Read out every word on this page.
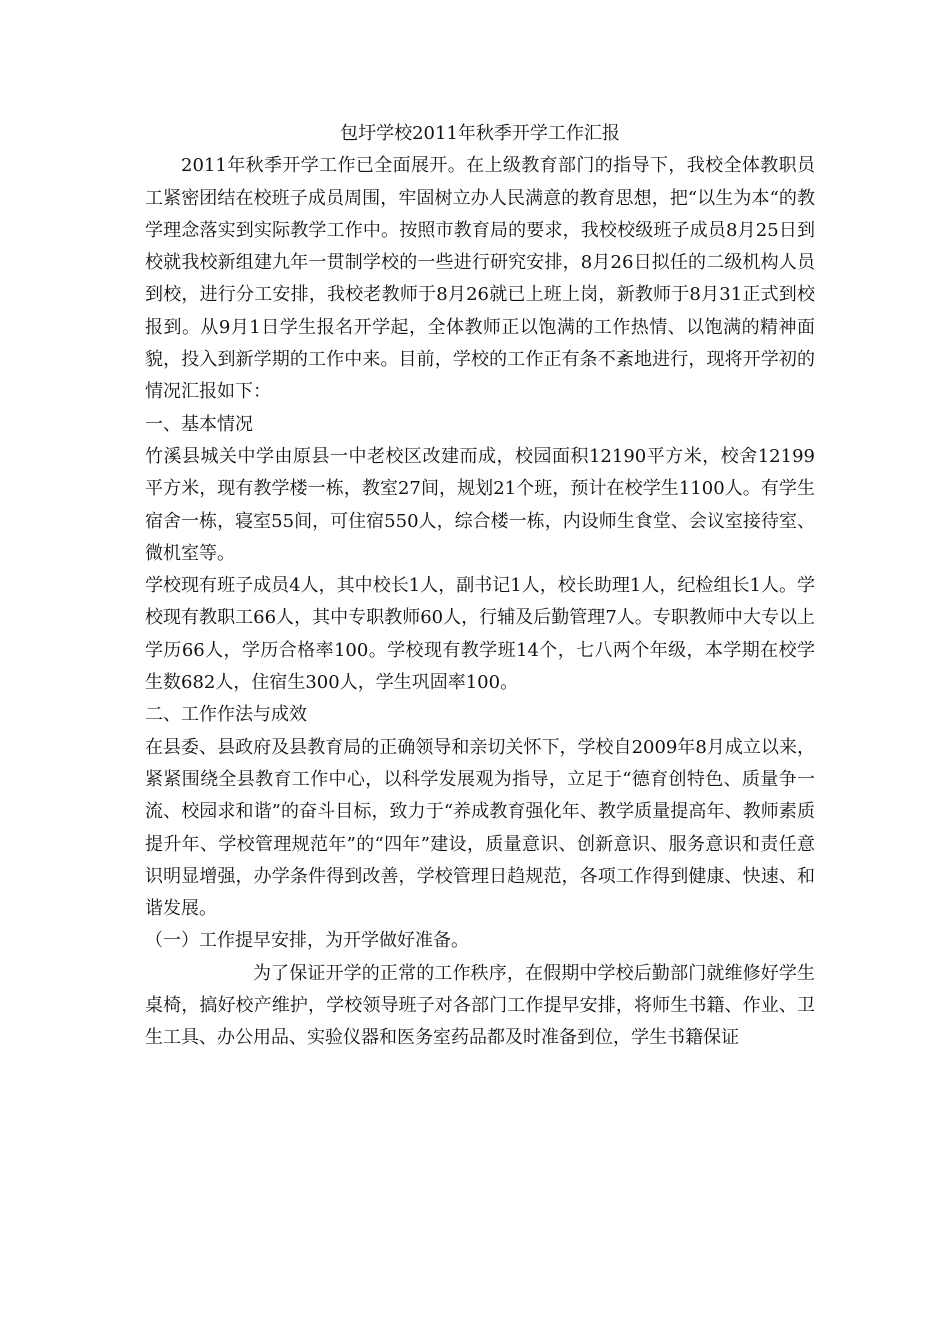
包圩学校2011年秋季开学工作汇报

2011年秋季开学工作已全面展开。在上级教育部门的指导下，我校全体教职员工紧密团结在校班子成员周围，牢固树立办人民满意的教育思想，把“以生为本“的教学理念落实到实际教学工作中。按照市教育局的要求，我校校级班子成员8月25日到校就我校新组建九年一贯制学校的一些进行研究安排，8月26日拟任的二级机构人员到校，进行分工安排，我校老教师于8月26就已上班上岗，新教师于8月31正式到校报到。从9月1日学生报名开学起，全体教师正以饱满的工作热情、以饱满的精神面貌，投入到新学期的工作中来。目前，学校的工作正有条不紊地进行，现将开学初的情况汇报如下：

一、基本情况

竹溪县城关中学由原县一中老校区改建而成，校园面积12190平方米，校舍12199平方米，现有教学楼一栋，教室27间，规划21个班，预计在校学生1100人。有学生宿舍一栋，寝室55间，可住宿550人，综合楼一栋，内设师生食堂、会议室接待室、微机室等。

学校现有班子成员4人，其中校长1人，副书记1人，校长助理1人，纪检组长1人。学校现有教职工66人，其中专职教师60人，行辅及后勤管理7人。专职教师中大专以上学历66人，学历合格率100。学校现有教学班14个，七八两个年级，本学期在校学生数682人，住宿生300人，学生巩固率100。

二、工作作法与成效

在县委、县政府及县教育局的正确领导和亲切关怀下，学校自2009年8月成立以来，紧紧围绕全县教育工作中心，以科学发展观为指导，立足于“德育创特色、质量争一流、校园求和谐”的奋斗目标，致力于“养成教育强化年、教学质量提高年、教师素质提升年、学校管理规范年”的“四年”建设，质量意识、创新意识、服务意识和责任意识明显增强，办学条件得到改善，学校管理日趋规范，各项工作得到健康、快速、和谐发展。

（一）工作提早安排，为开学做好准备。

为了保证开学的正常的工作秩序，在假期中学校后勤部门就维修好学生桌椅，搞好校产维护，学校领导班子对各部门工作提早安排，将师生书籍、作业、卫生工具、办公用品、实验仪器和医务室药品都及时准备到位，学生书籍保证
